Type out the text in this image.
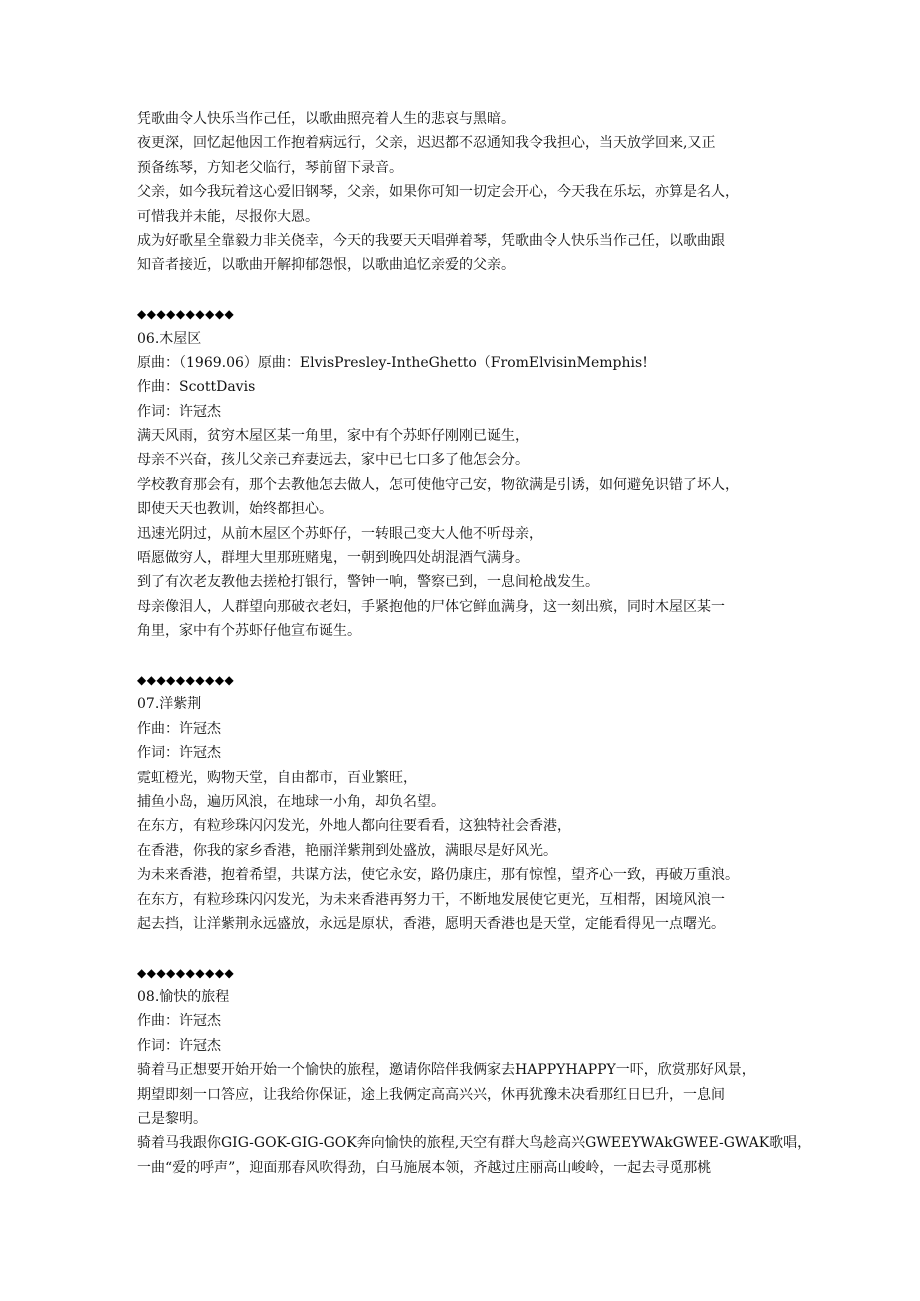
凭歌曲令人快乐当作己任，以歌曲照亮着人生的悲哀与黑暗。
夜更深，回忆起他因工作抱着病远行，父亲，迟迟都不忍通知我令我担心，当天放学回来,又正
预备练琴，方知老父临行，琴前留下录音。
父亲，如今我玩着这心爱旧钢琴，父亲，如果你可知一切定会开心，今天我在乐坛，亦算是名人，
可惜我并未能，尽报你大恩。
成为好歌星全靠毅力非关侥幸，今天的我要天天唱弹着琴，凭歌曲令人快乐当作己任，以歌曲跟
知音者接近，以歌曲开解抑郁怨恨，以歌曲追忆亲爱的父亲。
◆◆◆◆◆◆◆◆◆◆
06.木屋区
原曲：（1969.06）原曲：ElvisPresley-IntheGhetto（FromElvisinMemphis!
作曲：ScottDavis
作词：许冠杰
满天风雨，贫穷木屋区某一角里，家中有个苏虾仔刚刚已诞生，
母亲不兴奋，孩儿父亲己弃妻远去，家中已七口多了他怎会分。
学校教育那会有，那个去教他怎去做人，怎可使他守己安，物欲满是引诱，如何避免识错了坏人，
即使天天也教训，始终都担心。
迅速光阴过，从前木屋区个苏虾仔，一转眼己变大人他不听母亲，
唔愿做穷人，群埋大里那班赌鬼，一朝到晚四处胡混酒气满身。
到了有次老友教他去搓枪打银行，警钟一响，警察已到，一息间枪战发生。
母亲像泪人，人群望向那破衣老妇，手紧抱他的尸体它鲜血满身，这一刻出殡，同时木屋区某一
角里，家中有个苏虾仔他宣布诞生。
◆◆◆◆◆◆◆◆◆◆
07.洋紫荆
作曲：许冠杰
作词：许冠杰
霓虹橙光，购物天堂，自由都市，百业繁旺，
捕鱼小岛，遍历风浪，在地球一小角，却负名望。
在东方，有粒珍珠闪闪发光，外地人都向往要看看，这独特社会香港，
在香港，你我的家乡香港，艳丽洋紫荆到处盛放，满眼尽是好风光。
为未来香港，抱着希望，共谋方法，使它永安，路仍康庄，那有惊惶，望齐心一致，再破万重浪。
在东方，有粒珍珠闪闪发光，为未来香港再努力干，不断地发展使它更光，互相帮，困境风浪一
起去挡，让洋紫荆永远盛放，永远是原状，香港，愿明天香港也是天堂，定能看得见一点曙光。
◆◆◆◆◆◆◆◆◆◆
08.愉快的旅程
作曲：许冠杰
作词：许冠杰
骑着马正想要开始开始一个愉快的旅程，邀请你陪伴我俩家去HAPPYHAPPY一吓，欣赏那好风景，
期望即刻一口答应，让我给你保证，途上我俩定高高兴兴，休再犹豫未决看那红日巳升，一息间
己是黎明。
骑着马我跟你GIG-GOK-GIG-GOK奔向愉快的旅程,天空有群大鸟趁高兴GWEEYWAkGWEE-GWAK歌唱，
一曲“爱的呼声”，迎面那春风吹得劲，白马施展本领，齐越过庄丽高山峻岭，一起去寻觅那桃
